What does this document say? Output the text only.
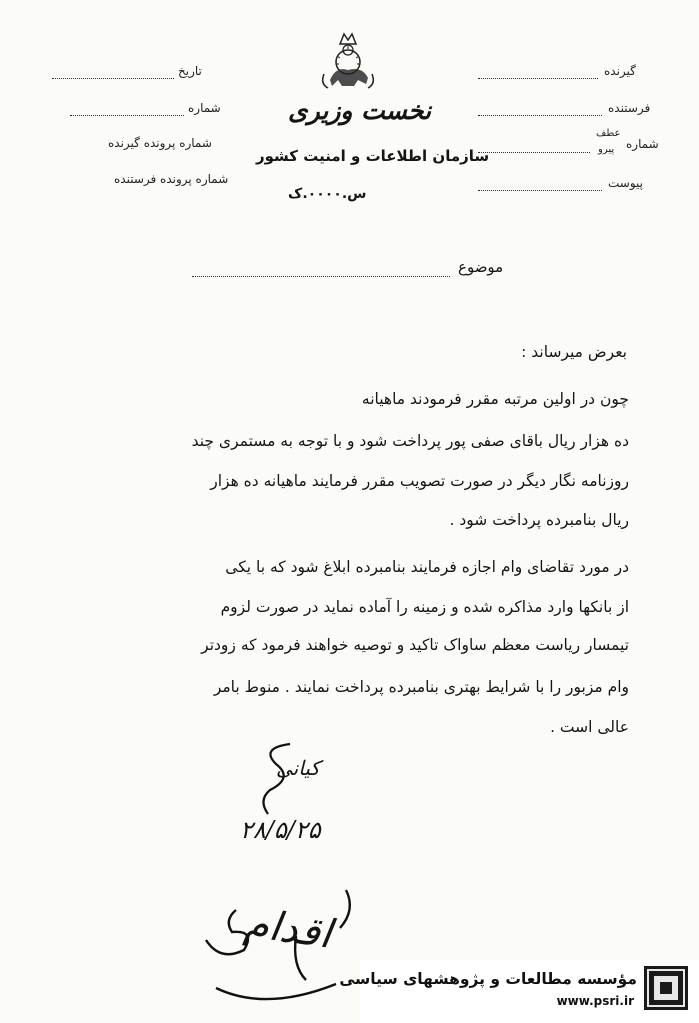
تاریخ
شماره
شماره پرونده گیرنده
شماره پرونده فرستنده
نخست وزیری
سازمان اطلاعات و امنیت کشور
س.۰۰۰۰.ک
گیرنده
فرستنده
شماره
عطف
پیرو
پیوست
موضوع
بعرض میرساند :
چون در اولین مرتبه مقرر فرمودند ماهیانه
ده هزار ریال باقای صفی پور پرداخت شود و با توجه به مستمری چند
روزنامه نگار دیگر در صورت تصویب مقرر فرمایند ماهیانه ده هزار
ریال بنامبرده پرداخت شود .
در مورد تقاضای وام اجازه فرمایند بنامبرده ابلاغ شود که با یکی
از بانکها وارد مذاکره شده و زمینه را آماده نماید در صورت لزوم
تیمسار ریاست معظم ساواک تاکید و توصیه خواهند فرمود که زودتر
وام مزبور را با شرایط بهتری بنامبرده پرداخت نمایند . منوط بامر
عالی است .
کیانی
۲۸/۵/۲۵
اقدام
مؤسسه مطالعات و پژوهشهای سیاسی
www.psri.ir
